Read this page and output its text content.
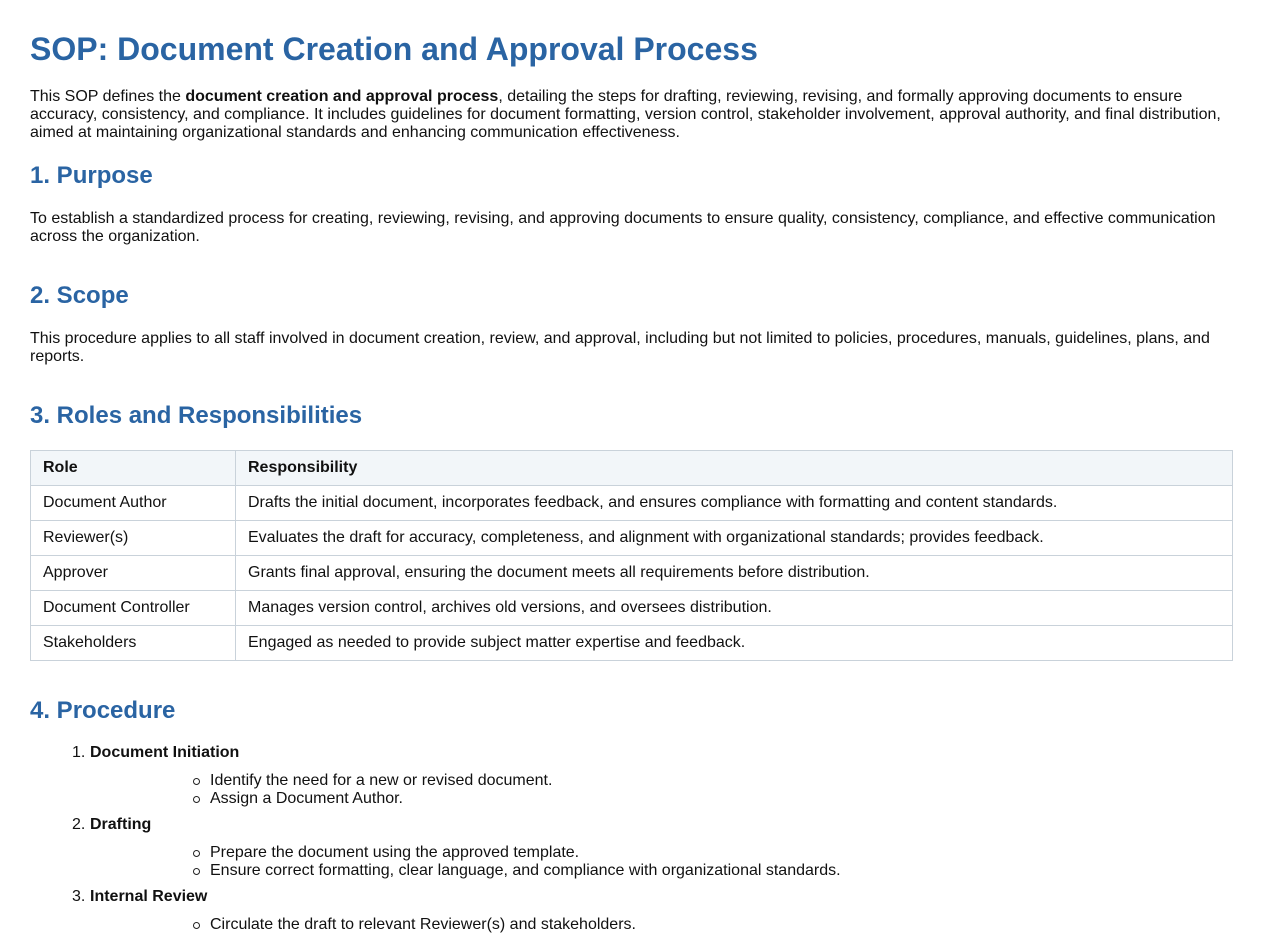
SOP: Document Creation and Approval Process

This SOP defines the document creation and approval process, detailing the steps for drafting, reviewing, revising, and formally approving documents to ensure accuracy, consistency, and compliance. It includes guidelines for document formatting, version control, stakeholder involvement, approval authority, and final distribution, aimed at maintaining organizational standards and enhancing communication effectiveness.

1. Purpose

To establish a standardized process for creating, reviewing, revising, and approving documents to ensure quality, consistency, compliance, and effective communication across the organization.

2. Scope

This procedure applies to all staff involved in document creation, review, and approval, including but not limited to policies, procedures, manuals, guidelines, plans, and reports.

3. Roles and Responsibilities
Role	Responsibility
Document Author	Drafts the initial document, incorporates feedback, and ensures compliance with formatting and content standards.
Reviewer(s)	Evaluates the draft for accuracy, completeness, and alignment with organizational standards; provides feedback.
Approver	Grants final approval, ensuring the document meets all requirements before distribution.
Document Controller	Manages version control, archives old versions, and oversees distribution.
Stakeholders	Engaged as needed to provide subject matter expertise and feedback.
4. Procedure
1. Document Initiation
Identify the need for a new or revised document.
Assign a Document Author.
2. Drafting
Prepare the document using the approved template.
Ensure correct formatting, clear language, and compliance with organizational standards.
3. Internal Review
Circulate the draft to relevant Reviewer(s) and stakeholders.
